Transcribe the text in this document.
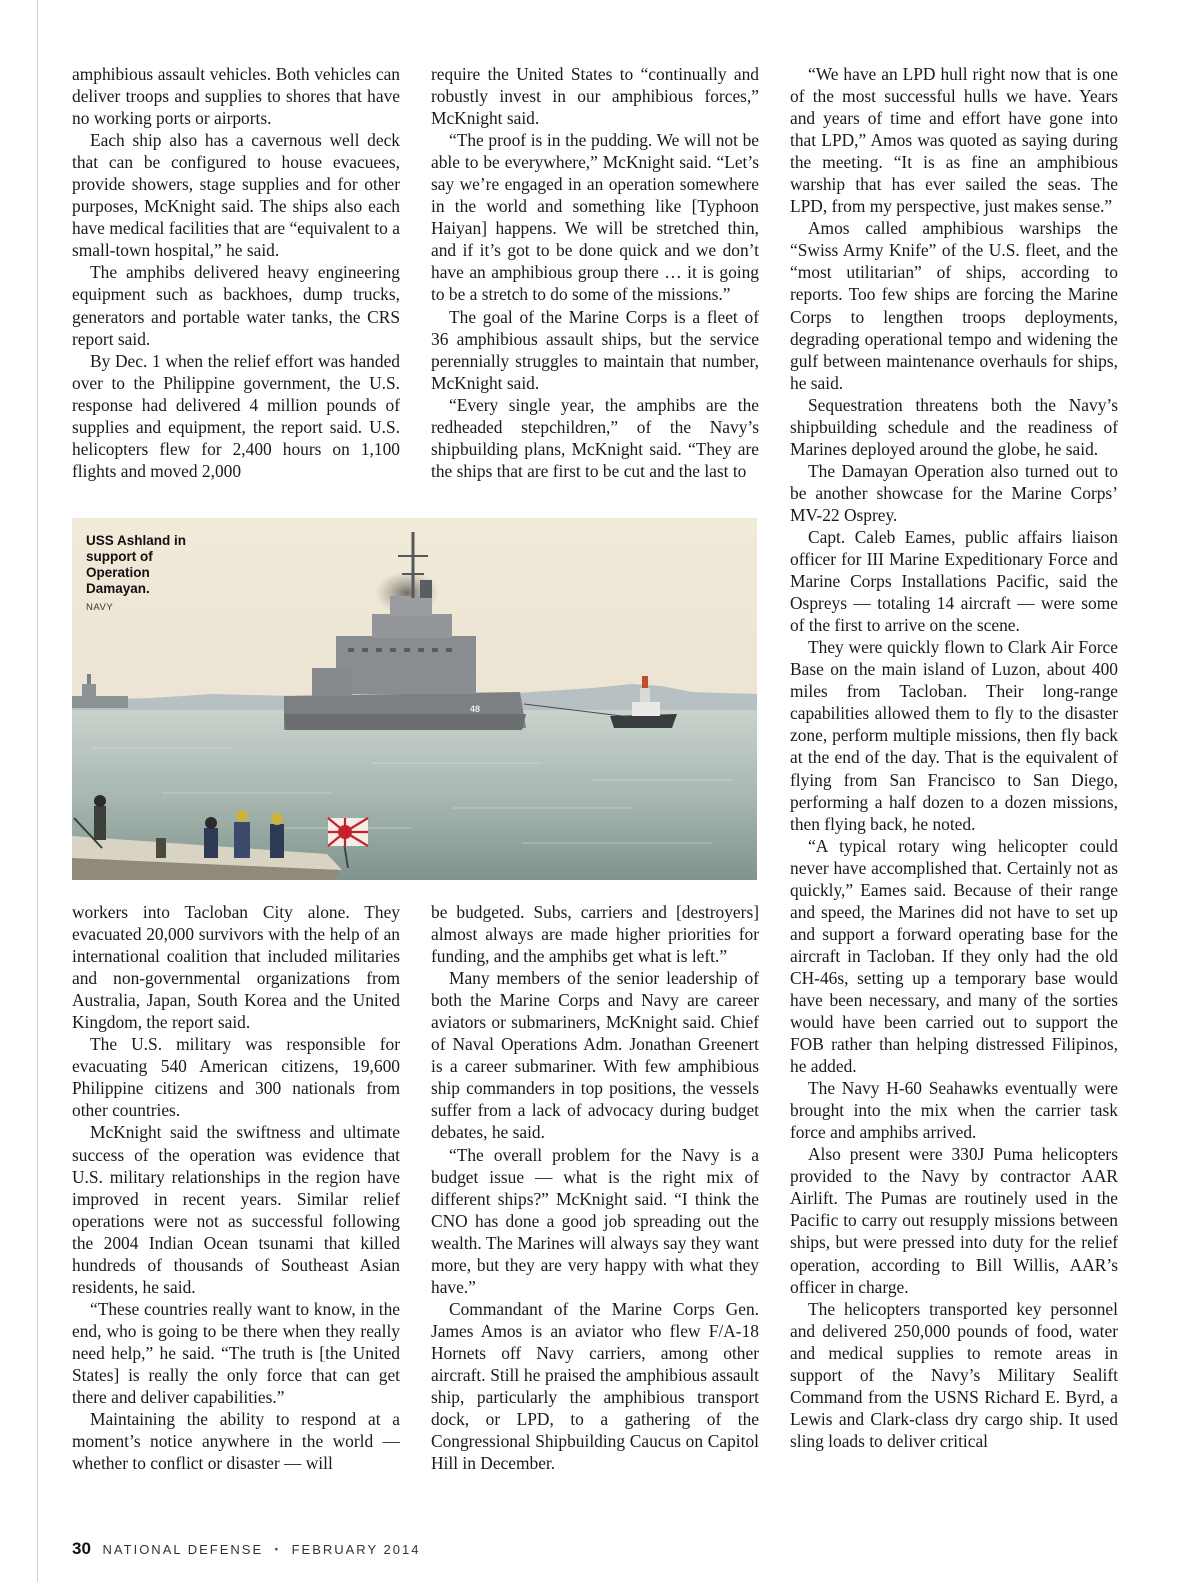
amphibious assault vehicles. Both vehicles can deliver troops and supplies to shores that have no working ports or airports.

Each ship also has a cavernous well deck that can be configured to house evacuees, provide showers, stage supplies and for other purposes, McKnight said. The ships also each have medical facilities that are “equivalent to a small-town hospital,” he said.

The amphibs delivered heavy engineering equipment such as backhoes, dump trucks, generators and portable water tanks, the CRS report said.

By Dec. 1 when the relief effort was handed over to the Philippine government, the U.S. response had delivered 4 million pounds of supplies and equipment, the report said. U.S. helicopters flew for 2,400 hours on 1,100 flights and moved 2,000

workers into Tacloban City alone. They evacuated 20,000 survivors with the help of an international coalition that included militaries and non-governmental organizations from Australia, Japan, South Korea and the United Kingdom, the report said.

The U.S. military was responsible for evacuating 540 American citizens, 19,600 Philippine citizens and 300 nationals from other countries.

McKnight said the swiftness and ultimate success of the operation was evidence that U.S. military relationships in the region have improved in recent years. Similar relief operations were not as successful following the 2004 Indian Ocean tsunami that killed hundreds of thousands of Southeast Asian residents, he said.

“These countries really want to know, in the end, who is going to be there when they really need help,” he said. “The truth is [the United States] is really the only force that can get there and deliver capabilities.”

Maintaining the ability to respond at a moment’s notice anywhere in the world — whether to conflict or disaster — will

require the United States to “continually and robustly invest in our amphibious forces,” McKnight said.

“The proof is in the pudding. We will not be able to be everywhere,” McKnight said. “Let’s say we’re engaged in an operation somewhere in the world and something like [Typhoon Haiyan] happens. We will be stretched thin, and if it’s got to be done quick and we don’t have an amphibious group there … it is going to be a stretch to do some of the missions.”

The goal of the Marine Corps is a fleet of 36 amphibious assault ships, but the service perennially struggles to maintain that number, McKnight said.

“Every single year, the amphibs are the redheaded stepchildren,” of the Navy’s shipbuilding plans, McKnight said. “They are the ships that are first to be cut and the last to

be budgeted. Subs, carriers and [destroyers] almost always are made higher priorities for funding, and the amphibs get what is left.”

Many members of the senior leadership of both the Marine Corps and Navy are career aviators or submariners, McKnight said. Chief of Naval Operations Adm. Jonathan Greenert is a career submariner. With few amphibious ship commanders in top positions, the vessels suffer from a lack of advocacy during budget debates, he said.

“The overall problem for the Navy is a budget issue — what is the right mix of different ships?” McKnight said. “I think the CNO has done a good job spreading out the wealth. The Marines will always say they want more, but they are very happy with what they have.”

Commandant of the Marine Corps Gen. James Amos is an aviator who flew F/A-18 Hornets off Navy carriers, among other aircraft. Still he praised the amphibious assault ship, particularly the amphibious transport dock, or LPD, to a gathering of the Congressional Shipbuilding Caucus on Capitol Hill in December.

“We have an LPD hull right now that is one of the most successful hulls we have. Years and years of time and effort have gone into that LPD,” Amos was quoted as saying during the meeting. “It is as fine an amphibious warship that has ever sailed the seas. The LPD, from my perspective, just makes sense.”

Amos called amphibious warships the “Swiss Army Knife” of the U.S. fleet, and the “most utilitarian” of ships, according to reports. Too few ships are forcing the Marine Corps to lengthen troops deployments, degrading operational tempo and widening the gulf between maintenance overhauls for ships, he said.

Sequestration threatens both the Navy’s shipbuilding schedule and the readiness of Marines deployed around the globe, he said.

The Damayan Operation also turned out to be another showcase for the Marine Corps’ MV-22 Osprey.

Capt. Caleb Eames, public affairs liaison officer for III Marine Expeditionary Force and Marine Corps Installations Pacific, said the Ospreys — totaling 14 aircraft — were some of the first to arrive on the scene.

They were quickly flown to Clark Air Force Base on the main island of Luzon, about 400 miles from Tacloban. Their long-range capabilities allowed them to fly to the disaster zone, perform multiple missions, then fly back at the end of the day. That is the equivalent of flying from San Francisco to San Diego, performing a half dozen to a dozen missions, then flying back, he noted.

“A typical rotary wing helicopter could never have accomplished that. Certainly not as quickly,” Eames said. Because of their range and speed, the Marines did not have to set up and support a forward operating base for the aircraft in Tacloban. If they only had the old CH-46s, setting up a temporary base would have been necessary, and many of the sorties would have been carried out to support the FOB rather than helping distressed Filipinos, he added.

The Navy H-60 Seahawks eventually were brought into the mix when the carrier task force and amphibs arrived.

Also present were 330J Puma helicopters provided to the Navy by contractor AAR Airlift. The Pumas are routinely used in the Pacific to carry out resupply missions between ships, but were pressed into duty for the relief operation, according to Bill Willis, AAR’s officer in charge.

The helicopters transported key personnel and delivered 250,000 pounds of food, water and medical supplies to remote areas in support of the Navy’s Military Sealift Command from the USNS Richard E. Byrd, a Lewis and Clark-class dry cargo ship. It used sling loads to deliver critical

48
USS Ashland in support of Operation Damayan.
NAVY
30 NATIONAL DEFENSE ▪ FEBRUARY 2014
